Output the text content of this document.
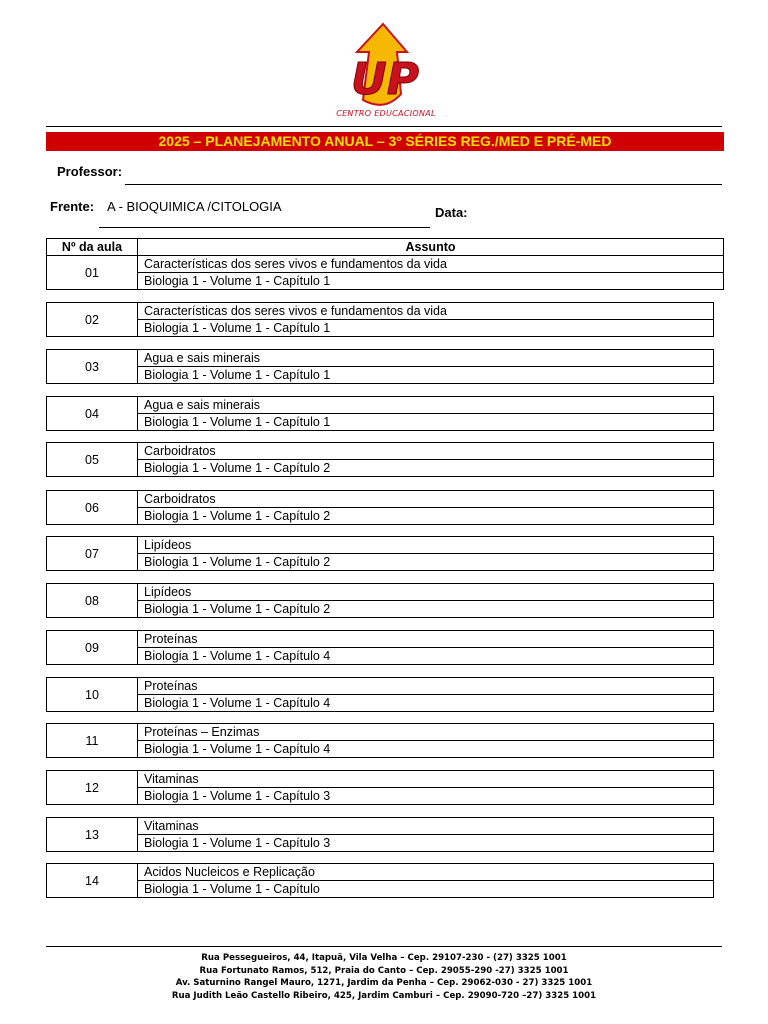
UP
CENTRO EDUCACIONAL
2025 – PLANEJAMENTO ANUAL – 3º SÉRIES REG./MED E PRÉ-MED
Professor:
Frente: A - BIOQUIMICA /CITOLOGIA	Data:
Nº da aula	Assunto
01
Características dos seres vivos e fundamentos da vida
Biologia 1 - Volume 1 - Capítulo 1
02
Características dos seres vivos e fundamentos da vida
Biologia 1 - Volume 1 - Capítulo 1
03
Agua e sais minerais
Biologia 1 - Volume 1 - Capítulo 1
04
Agua e sais minerais
Biologia 1 - Volume 1 - Capítulo 1
05
Carboidratos
Biologia 1 - Volume 1 - Capítulo 2
06
Carboidratos
Biologia 1 - Volume 1 - Capítulo 2
07
Lipídeos
Biologia 1 - Volume 1 - Capítulo 2
08
Lipídeos
Biologia 1 - Volume 1 - Capítulo 2
09
Proteínas
Biologia 1 - Volume 1 - Capítulo 4
10
Proteínas
Biologia 1 - Volume 1 - Capítulo 4
11
Proteínas – Enzimas
Biologia 1 - Volume 1 - Capítulo 4
12
Vitaminas
Biologia 1 - Volume 1 - Capítulo 3
13
Vitaminas
Biologia 1 - Volume 1 - Capítulo 3
14
Acidos Nucleicos e Replicação
Biologia 1 - Volume 1 - Capítulo
Rua Pessegueiros, 44, Itapuã, Vila Velha – Cep. 29107-230 - (27) 3325 1001
Rua Fortunato Ramos, 512, Praia do Canto – Cep. 29055-290 -27) 3325 1001
Av. Saturnino Rangel Mauro, 1271, Jardim da Penha – Cep. 29062-030 - 27) 3325 1001
Rua Judith Leão Castello Ribeiro, 425, Jardim Camburi – Cep. 29090-720 –27) 3325 1001
